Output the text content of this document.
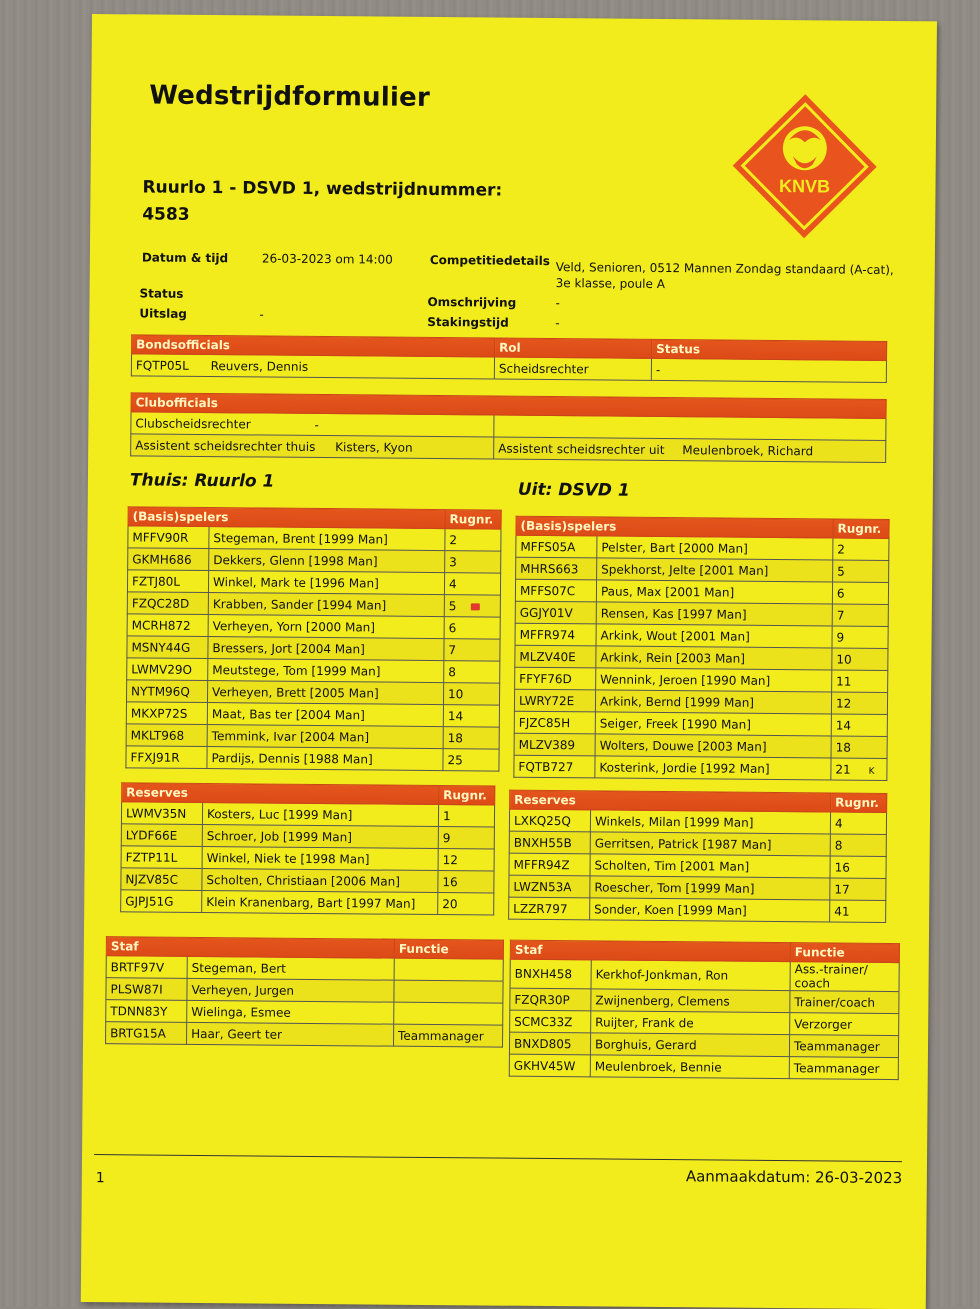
Wedstrijdformulier
KNVB
Ruurlo 1 - DSVD 1, wedstrijdnummer: 4583
Datum & tijd	26-03-2023 om 14:00
Status
Uitslag	-
Competitiedetails Veld, Senioren, 0512 Mannen Zondag standaard (A-cat),
3e klasse, poule A
Omschrijving	-
Stakingstijd	-
Bondsofficials	Rol	Status
FQTP05L Reuvers, Dennis	Scheidsrechter	-
Clubofficials	
Clubscheidsrechter -	
Assistent scheidsrechter thuis Kisters, Kyon	Assistent scheidsrechter uit Meulenbroek, Richard
Thuis: Ruurlo 1	Uit: DSVD 1
(Basis)spelers		Rugnr.
MFFV90R	Stegeman, Brent [1999 Man]	2
GKMH686	Dekkers, Glenn [1998 Man]	3
FZTJ80L	Winkel, Mark te [1996 Man]	4
FZQC28D	Krabben, Sander [1994 Man]	5
MCRH872	Verheyen, Yorn [2000 Man]	6
MSNY44G	Bressers, Jort [2004 Man]	7
LWMV29O	Meutstege, Tom [1999 Man]	8
NYTM96Q	Verheyen, Brett [2005 Man]	10
MKXP72S	Maat, Bas ter [2004 Man]	14
MKLT968	Temmink, Ivar [2004 Man]	18
FFXJ91R	Pardijs, Dennis [1988 Man]	25
(Basis)spelers		Rugnr.
MFFS05A	Pelster, Bart [2000 Man]	2
MHRS663	Spekhorst, Jelte [2001 Man]	5
MFFS07C	Paus, Max [2001 Man]	6
GGJY01V	Rensen, Kas [1997 Man]	7
MFFR974	Arkink, Wout [2001 Man]	9
MLZV40E	Arkink, Rein [2003 Man]	10
FFYF76D	Wennink, Jeroen [1990 Man]	11
LWRY72E	Arkink, Bernd [1999 Man]	12
FJZC85H	Seiger, Freek [1990 Man]	14
MLZV389	Wolters, Douwe [2003 Man]	18
FQTB727	Kosterink, Jordie [1992 Man]	21 K
Reserves		Rugnr.
LWMV35N	Kosters, Luc [1999 Man]	1
LYDF66E	Schroer, Job [1999 Man]	9
FZTP11L	Winkel, Niek te [1998 Man]	12
NJZV85C	Scholten, Christiaan [2006 Man]	16
GJPJ51G	Klein Kranenbarg, Bart [1997 Man]	20
Reserves		Rugnr.
LXKQ25Q	Winkels, Milan [1999 Man]	4
BNXH55B	Gerritsen, Patrick [1987 Man]	8
MFFR94Z	Scholten, Tim [2001 Man]	16
LWZN53A	Roescher, Tom [1999 Man]	17
LZZR797	Sonder, Koen [1999 Man]	41
Staf		Functie
BRTF97V	Stegeman, Bert	
PLSW87I	Verheyen, Jurgen	
TDNN83Y	Wielinga, Esmee	
BRTG15A	Haar, Geert ter	Teammanager
Staf		Functie
BNXH458	Kerkhof-Jonkman, Ron	Ass.-trainer/ coach
FZQR30P	Zwijnenberg, Clemens	Trainer/coach
SCMC33Z	Ruijter, Frank de	Verzorger
BNXD805	Borghuis, Gerard	Teammanager
GKHV45W	Meulenbroek, Bennie	Teammanager
1	Aanmaakdatum: 26-03-2023
